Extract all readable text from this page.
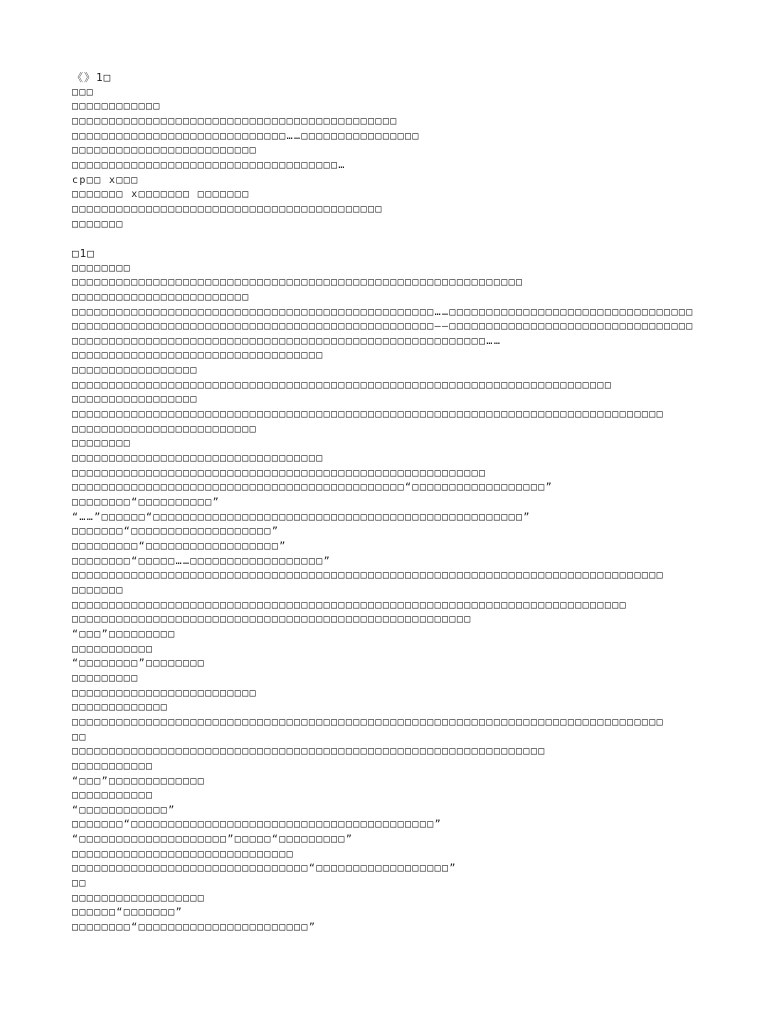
《》1□
□□□
□□□□□□□□□□□□
□□□□□□□□□□□□□□□□□□□□□□□□□□□□□□□□□□□□□□□□□□□□
□□□□□□□□□□□□□□□□□□□□□□□□□□□□□……□□□□□□□□□□□□□□□□
□□□□□□□□□□□□□□□□□□□□□□□□□
□□□□□□□□□□□□□□□□□□□□□□□□□□□□□□□□□□□□…
cp□□ x□□□
□□□□□□□ x□□□□□□□ □□□□□□□
□□□□□□□□□□□□□□□□□□□□□□□□□□□□□□□□□□□□□□□□□□
□□□□□□□
□1□
□□□□□□□□
□□□□□□□□□□□□□□□□□□□□□□□□□□□□□□□□□□□□□□□□□□□□□□□□□□□□□□□□□□□□□
□□□□□□□□□□□□□□□□□□□□□□□□
□□□□□□□□□□□□□□□□□□□□□□□□□□□□□□□□□□□□□□□□□□□□□□□□□……□□□□□□□□□□□□□□□□□□□□□□□□□□□□□□□□□
□□□□□□□□□□□□□□□□□□□□□□□□□□□□□□□□□□□□□□□□□□□□□□□□□——□□□□□□□□□□□□□□□□□□□□□□□□□□□□□□□□□
□□□□□□□□□□□□□□□□□□□□□□□□□□□□□□□□□□□□□□□□□□□□□□□□□□□□□□□□……
□□□□□□□□□□□□□□□□□□□□□□□□□□□□□□□□□□
□□□□□□□□□□□□□□□□□
□□□□□□□□□□□□□□□□□□□□□□□□□□□□□□□□□□□□□□□□□□□□□□□□□□□□□□□□□□□□□□□□□□□□□□□□□
□□□□□□□□□□□□□□□□□
□□□□□□□□□□□□□□□□□□□□□□□□□□□□□□□□□□□□□□□□□□□□□□□□□□□□□□□□□□□□□□□□□□□□□□□□□□□□□□□□
□□□□□□□□□□□□□□□□□□□□□□□□□
□□□□□□□□
□□□□□□□□□□□□□□□□□□□□□□□□□□□□□□□□□□
□□□□□□□□□□□□□□□□□□□□□□□□□□□□□□□□□□□□□□□□□□□□□□□□□□□□□□□□
□□□□□□□□□□□□□□□□□□□□□□□□□□□□□□□□□□□□□□□□□□□□□“□□□□□□□□□□□□□□□□□□”
□□□□□□□□“□□□□□□□□□□”
“……”□□□□□□“□□□□□□□□□□□□□□□□□□□□□□□□□□□□□□□□□□□□□□□□□□□□□□□□□□”
□□□□□□□“□□□□□□□□□□□□□□□□□□□”
□□□□□□□□□“□□□□□□□□□□□□□□□□□□”
□□□□□□□□“□□□□□……□□□□□□□□□□□□□□□□□□”
□□□□□□□□□□□□□□□□□□□□□□□□□□□□□□□□□□□□□□□□□□□□□□□□□□□□□□□□□□□□□□□□□□□□□□□□□□□□□□□□
□□□□□□□
□□□□□□□□□□□□□□□□□□□□□□□□□□□□□□□□□□□□□□□□□□□□□□□□□□□□□□□□□□□□□□□□□□□□□□□□□□□
□□□□□□□□□□□□□□□□□□□□□□□□□□□□□□□□□□□□□□□□□□□□□□□□□□□□□□
“□□□”□□□□□□□□□
□□□□□□□□□□□
“□□□□□□□□”□□□□□□□□
□□□□□□□□□
□□□□□□□□□□□□□□□□□□□□□□□□□
□□□□□□□□□□□□□
□□□□□□□□□□□□□□□□□□□□□□□□□□□□□□□□□□□□□□□□□□□□□□□□□□□□□□□□□□□□□□□□□□□□□□□□□□□□□□□□
□□
□□□□□□□□□□□□□□□□□□□□□□□□□□□□□□□□□□□□□□□□□□□□□□□□□□□□□□□□□□□□□□□□
□□□□□□□□□□□
“□□□”□□□□□□□□□□□□□
□□□□□□□□□□□
“□□□□□□□□□□□□”
□□□□□□□“□□□□□□□□□□□□□□□□□□□□□□□□□□□□□□□□□□□□□□□□□”
“□□□□□□□□□□□□□□□□□□□□”□□□□□“□□□□□□□□□”
□□□□□□□□□□□□□□□□□□□□□□□□□□□□□□
□□□□□□□□□□□□□□□□□□□□□□□□□□□□□□□□“□□□□□□□□□□□□□□□□□□”
□□
□□□□□□□□□□□□□□□□□□
□□□□□□“□□□□□□□”
□□□□□□□□“□□□□□□□□□□□□□□□□□□□□□□□”
